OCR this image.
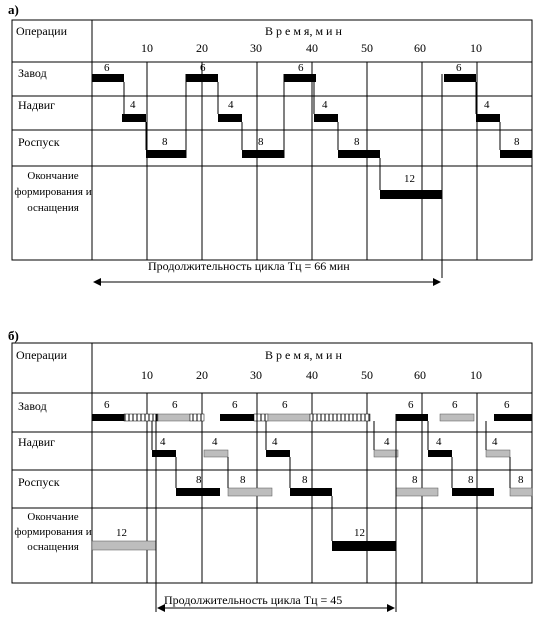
а)
Операции	В р е м я, м и н
10	20	30	40	50	60	10
Завод
Надвиг
Роспуск
Окончание формирования и оснащения
6	6	6	6
4	4	4	4
8	8	8	8
12
Продолжительность цикла Tц = 66 мин
б)
Операции	В р е м я, м и н
10	20	30	40	50	60	10
Завод
Надвиг
Роспуск
Окончание формирования и оснащения
6	6	6	6	6	6	6
4	4	4	4	4	4
8	8	8	8	8	8
12	12
Продолжительность цикла Tц = 45
